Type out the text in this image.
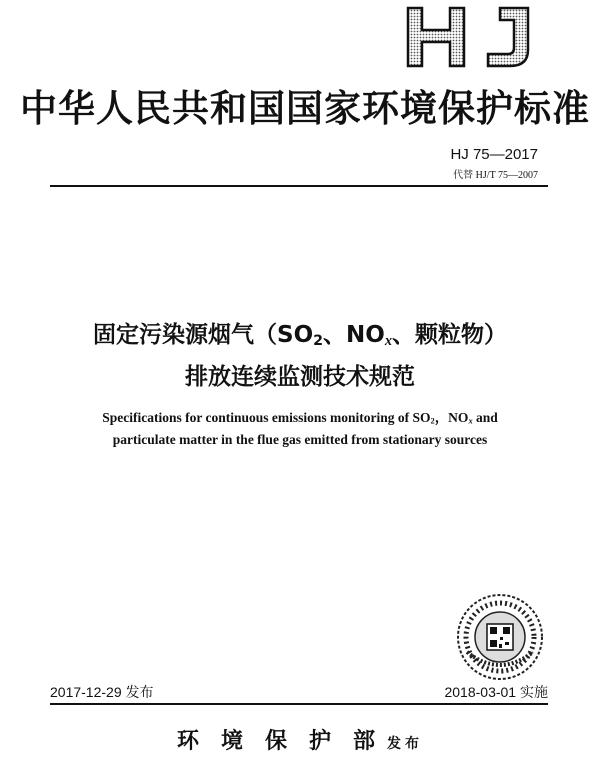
中华人民共和国国家环境保护标准
HJ 75—2017
代替 HJ/T 75—2007
固定污染源烟气（SO2、NOx、颗粒物）
排放连续监测技术规范
Specifications for continuous emissions monitoring of $SO_2$，$NO_x$ and
particulate matter in the flue gas emitted from stationary sources
2017-12-29 发布	2018-03-01 实施
环境保护部发布
